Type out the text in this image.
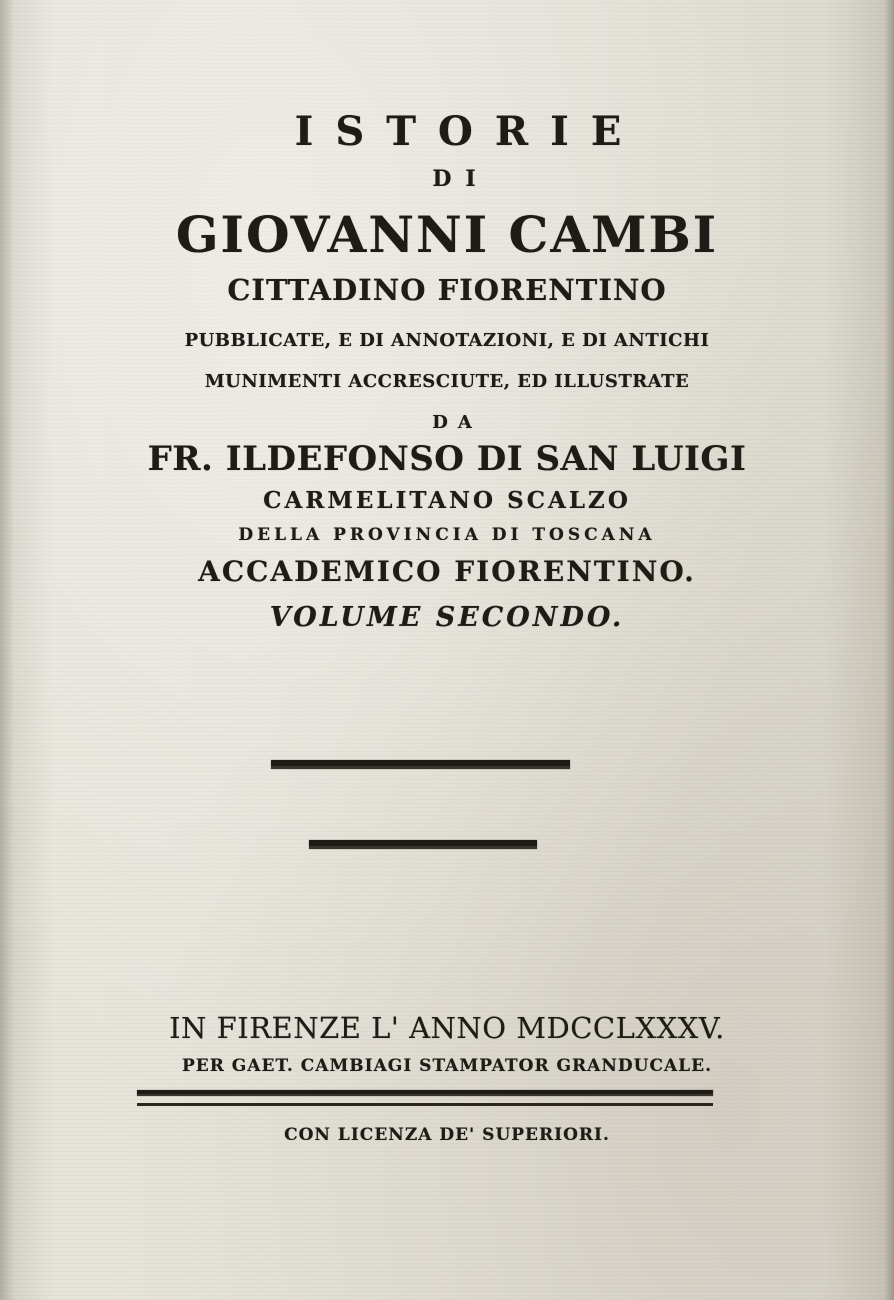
ISTORIE
DI
GIOVANNI CAMBI
CITTADINO FIORENTINO
PUBBLICATE, E DI ANNOTAZIONI, E DI ANTICHI
MUNIMENTI ACCRESCIUTE, ED ILLUSTRATE
DA
FR. ILDEFONSO DI SAN LUIGI
CARMELITANO SCALZO
DELLA PROVINCIA DI TOSCANA
ACCADEMICO FIORENTINO.
VOLUME SECONDO.
IN FIRENZE L' ANNO MDCCLXXXV.
PER GAET. CAMBIAGI STAMPATOR GRANDUCALE.
CON LICENZA DE' SUPERIORI.
